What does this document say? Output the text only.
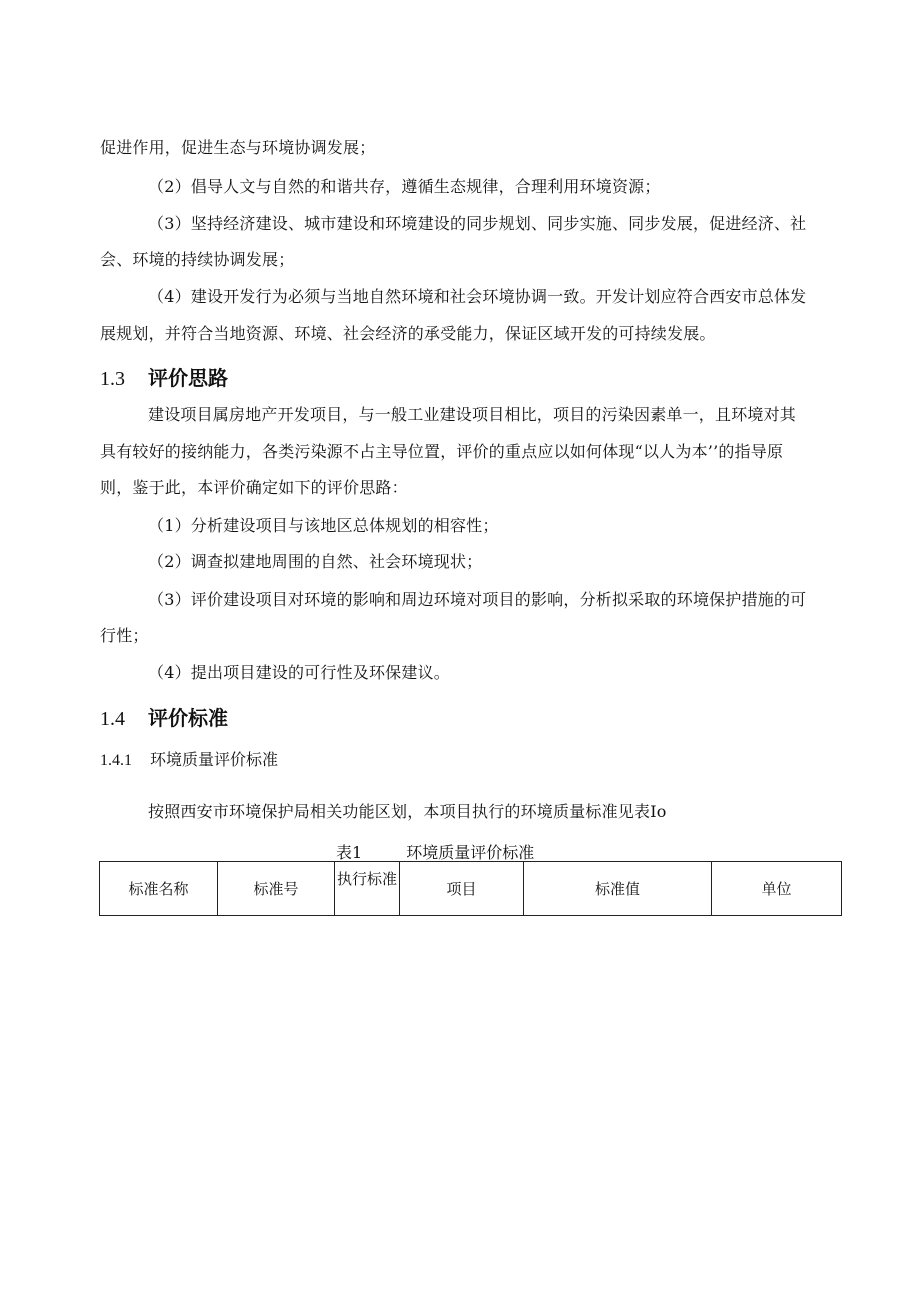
促进作用，促进生态与环境协调发展；
（2）倡导人文与自然的和谐共存，遵循生态规律，合理利用环境资源；
（3）坚持经济建设、城市建设和环境建设的同步规划、同步实施、同步发展，促进经济、社
会、环境的持续协调发展；
（4）建设开发行为必须与当地自然环境和社会环境协调一致。开发计划应符合西安市总体发
展规划，并符合当地资源、环境、社会经济的承受能力，保证区域开发的可持续发展。
1.3 评价思路
建设项目属房地产开发项目，与一般工业建设项目相比，项目的污染因素单一，且环境对其
具有较好的接纳能力，各类污染源不占主导位置，评价的重点应以如何体现“以人为本’’的指导原
则，鉴于此，本评价确定如下的评价思路：
（1）分析建设项目与该地区总体规划的相容性；
（2）调查拟建地周围的自然、社会环境现状；
（3）评价建设项目对环境的影响和周边环境对项目的影响，分析拟采取的环境保护措施的可
行性；
（4）提出项目建设的可行性及环保建议。
1.4 评价标准
1.4.1 环境质量评价标准
按照西安市环境保护局相关功能区划，本项目执行的环境质量标准见表Io
表1	环境质量评价标准
标准名称	标准号	执行标准	项目	标准值	单位
